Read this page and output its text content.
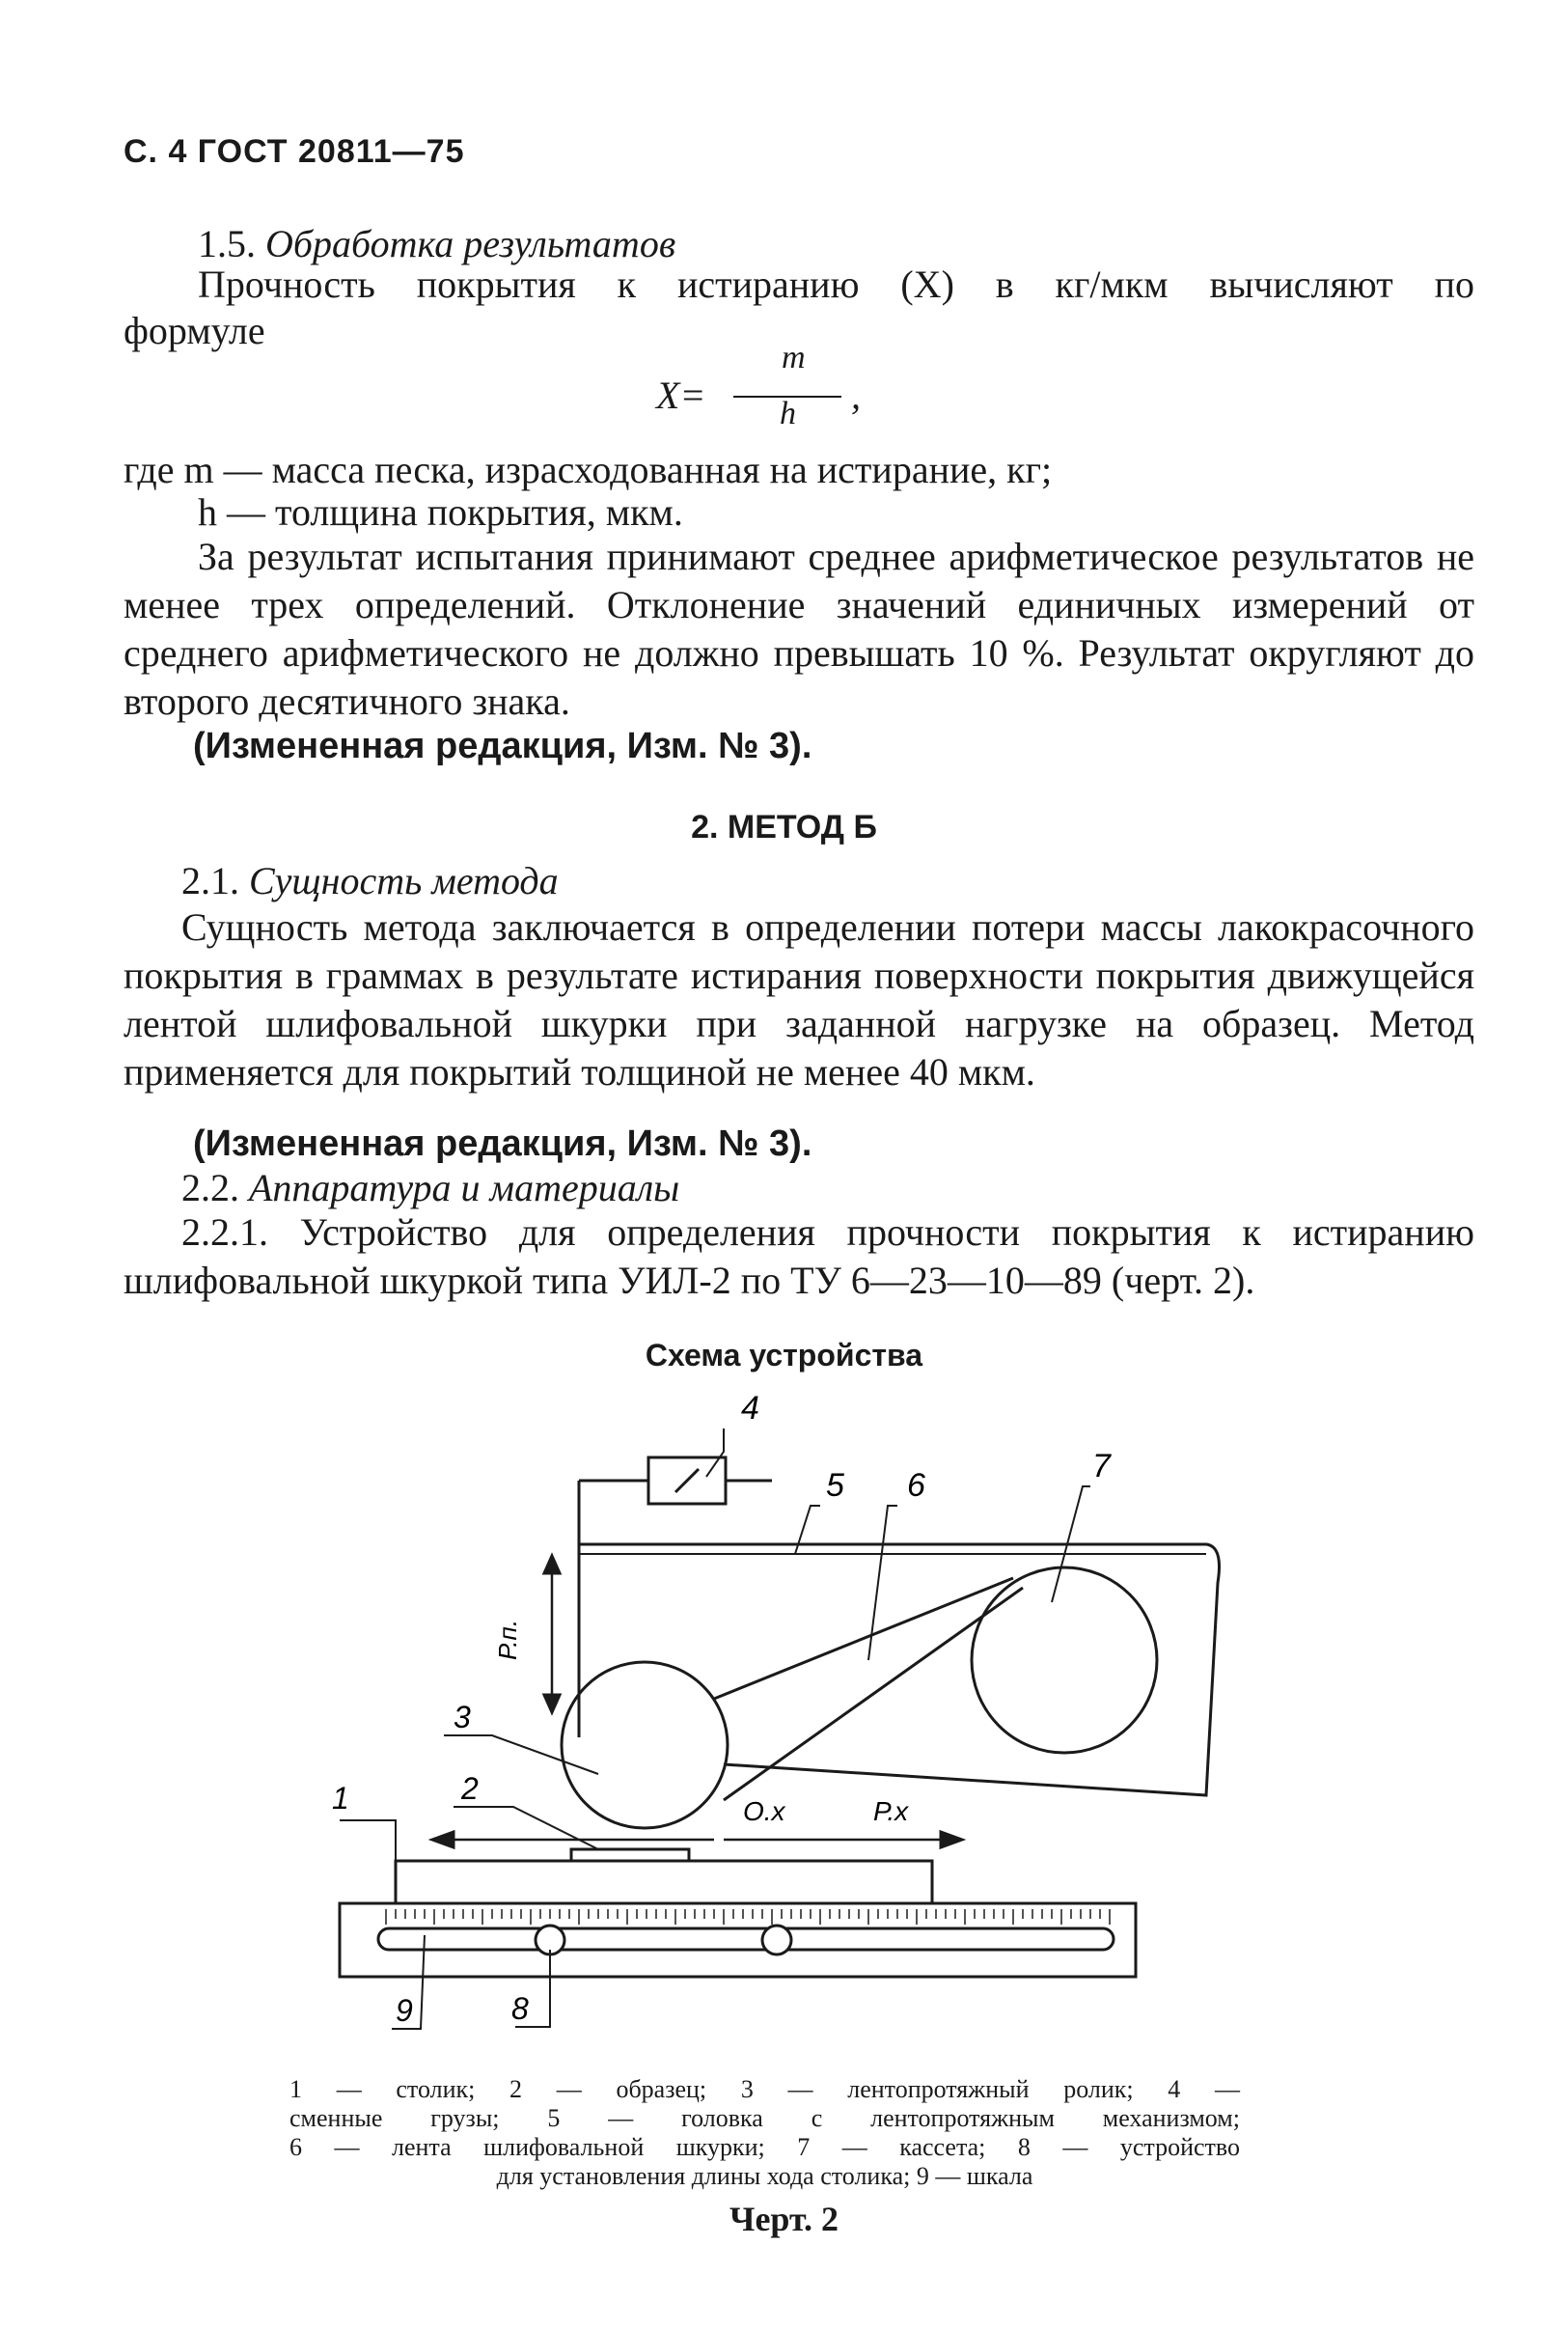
С. 4 ГОСТ 20811—75
1.5. Обработка результатов
Прочность покрытия к истиранию (X) в кг/мкм вычисляют по
формуле
X=
m
h ,
где m — масса песка, израсходованная на истирание, кг;
h — толщина покрытия, мкм.
За результат испытания принимают среднее арифметическое результатов не менее трех определений. Отклонение значений единичных измерений от среднего арифметического не должно превышать 10 %. Результат округляют до второго десятичного знака.
(Измененная редакция, Изм. № 3).
2. МЕТОД Б
2.1. Сущность метода
Сущность метода заключается в определении потери массы лакокрасочного покрытия в граммах в результате истирания поверхности покрытия движущейся лентой шлифовальной шкурки при заданной нагрузке на образец. Метод применяется для покрытий толщиной не менее 40 мкм.
(Измененная редакция, Изм. № 3).
2.2. Аппаратура и материалы
2.2.1. Устройство для определения прочности покрытия к истиранию шлифовальной шкуркой типа УИЛ-2 по ТУ 6—23—10—89 (черт. 2).
Схема устройства
1	2
3
4
5 6
7
8
9
Р.п.
О.х	Р.х
1 — столик; 2 — образец; 3 — лентопротяжный ролик; 4 —
сменные грузы; 5 — головка с лентопротяжным механизмом;
6 — лента шлифовальной шкурки; 7 — кассета; 8 — устройство
для установления длины хода столика; 9 — шкала
Черт. 2
